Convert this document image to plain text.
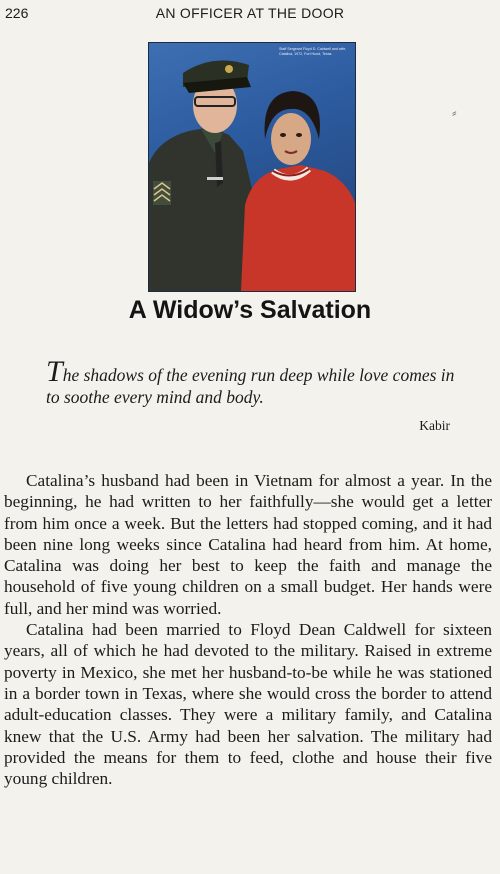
226	AN OFFICER AT THE DOOR
Staff Sergeant Floyd D. Caldwell and wife, Catalina, 1972, Fort Hood, Texas
A Widow’s Salvation
The shadows of the evening run deep while love comes in to soothe every mind and body.
Kabir

Catalina’s husband had been in Vietnam for almost a year. In the beginning, he had written to her faithfully—she would get a letter from him once a week. But the letters had stopped coming, and it had been nine long weeks since Catalina had heard from him. At home, Catalina was doing her best to keep the faith and manage the household of five young children on a small budget. Her hands were full, and her mind was worried.

Catalina had been married to Floyd Dean Caldwell for sixteen years, all of which he had devoted to the military. Raised in extreme poverty in Mexico, she met her husband-to-be while he was stationed in a border town in Texas, where she would cross the border to attend adult-education classes. They were a military family, and Catalina knew that the U.S. Army had been her salvation. The military had provided the means for them to feed, clothe and house their five young children.

⸗
